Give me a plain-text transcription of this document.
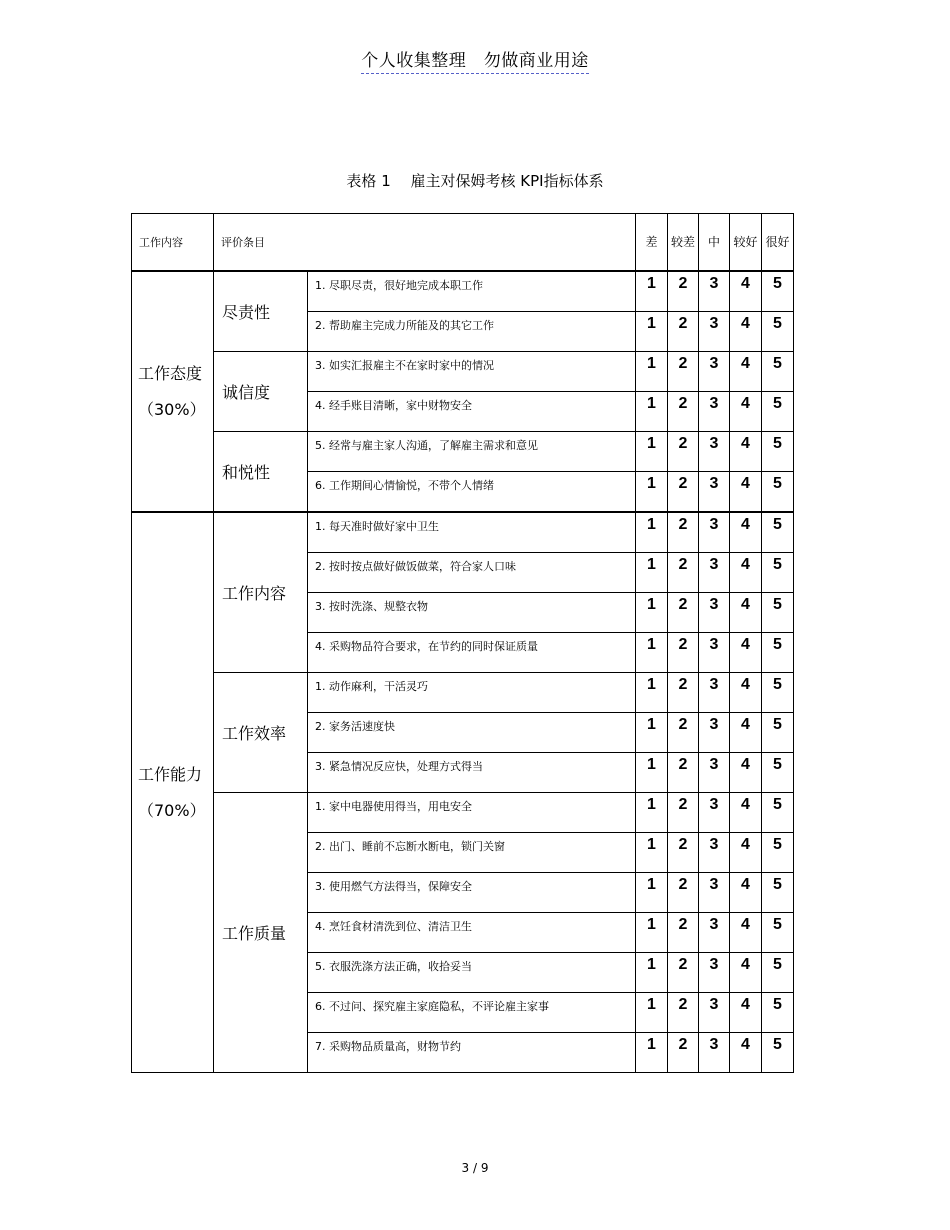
个人收集整理　勿做商业用途
表格 1　 雇主对保姆考核 KPI指标体系
工作内容	评价条目		差	较差	中	较好	很好
工作态度（30%）	尽责性	1. 尽职尽责，很好地完成本职工作	1	2	3	4	5
		2. 帮助雇主完成力所能及的其它工作	1	2	3	4	5
	诚信度	3. 如实汇报雇主不在家时家中的情况	1	2	3	4	5
		4. 经手账目清晰，家中财物安全	1	2	3	4	5
	和悦性	5. 经常与雇主家人沟通，了解雇主需求和意见	1	2	3	4	5
		6. 工作期间心情愉悦，不带个人情绪	1	2	3	4	5
工作能力（70%）	工作内容	1. 每天准时做好家中卫生	1	2	3	4	5
		2. 按时按点做好做饭做菜，符合家人口味	1	2	3	4	5
		3. 按时洗涤、规整衣物	1	2	3	4	5
		4. 采购物品符合要求，在节约的同时保证质量	1	2	3	4	5
	工作效率	1. 动作麻利，干活灵巧	1	2	3	4	5
		2. 家务活速度快	1	2	3	4	5
		3. 紧急情况反应快，处理方式得当	1	2	3	4	5
	工作质量	1. 家中电器使用得当，用电安全	1	2	3	4	5
		2. 出门、睡前不忘断水断电，锁门关窗	1	2	3	4	5
		3. 使用燃气方法得当，保障安全	1	2	3	4	5
		4. 烹饪食材清洗到位、清洁卫生	1	2	3	4	5
		5. 衣服洗涤方法正确，收拾妥当	1	2	3	4	5
		6. 不过问、探究雇主家庭隐私，不评论雇主家事	1	2	3	4	5
		7. 采购物品质量高，财物节约	1	2	3	4	5
3 / 9
